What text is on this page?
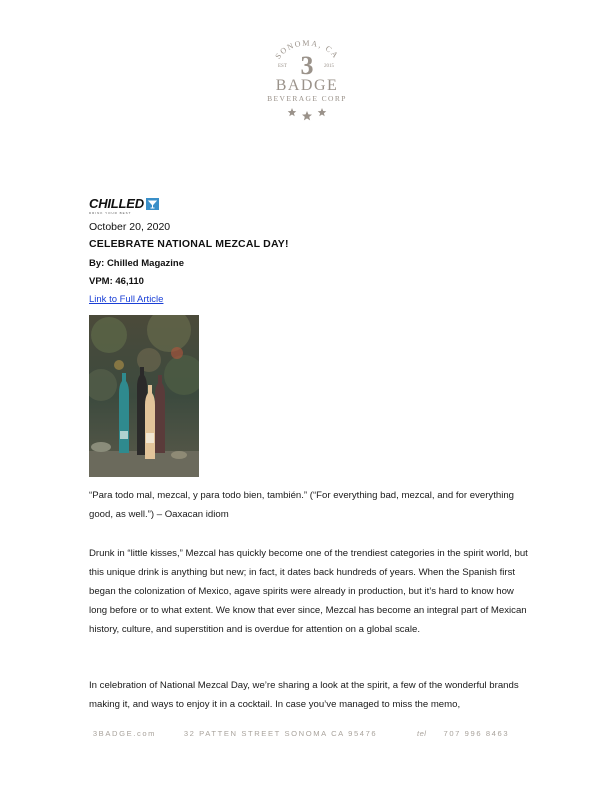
SONOMA, CA
EST	2015
3
BADGE
BEVERAGE CORP
CHILLED
DRINK YOUR BEST
October 20, 2020
CELEBRATE NATIONAL MEZCAL DAY!
By: Chilled Magazine
VPM: 46,110
Link to Full Article
“Para todo mal, mezcal, y para todo bien, también.” (“For everything bad, mezcal, and for everything good, as well.”) – Oaxacan idiom
Drunk in “little kisses,” Mezcal has quickly become one of the trendiest categories in the spirit world, but this unique drink is anything but new; in fact, it dates back hundreds of years. When the Spanish first began the colonization of Mexico, agave spirits were already in production, but it’s hard to know how long before or to what extent. We know that ever since, Mezcal has become an integral part of Mexican history, culture, and superstition and is overdue for attention on a global scale.
In celebration of National Mezcal Day, we’re sharing a look at the spirit, a few of the wonderful brands making it, and ways to enjoy it in a cocktail. In case you’ve managed to miss the memo,
3BADGE.com	32 PATTEN STREET SONOMA CA 95476	tel 707 996 8463
